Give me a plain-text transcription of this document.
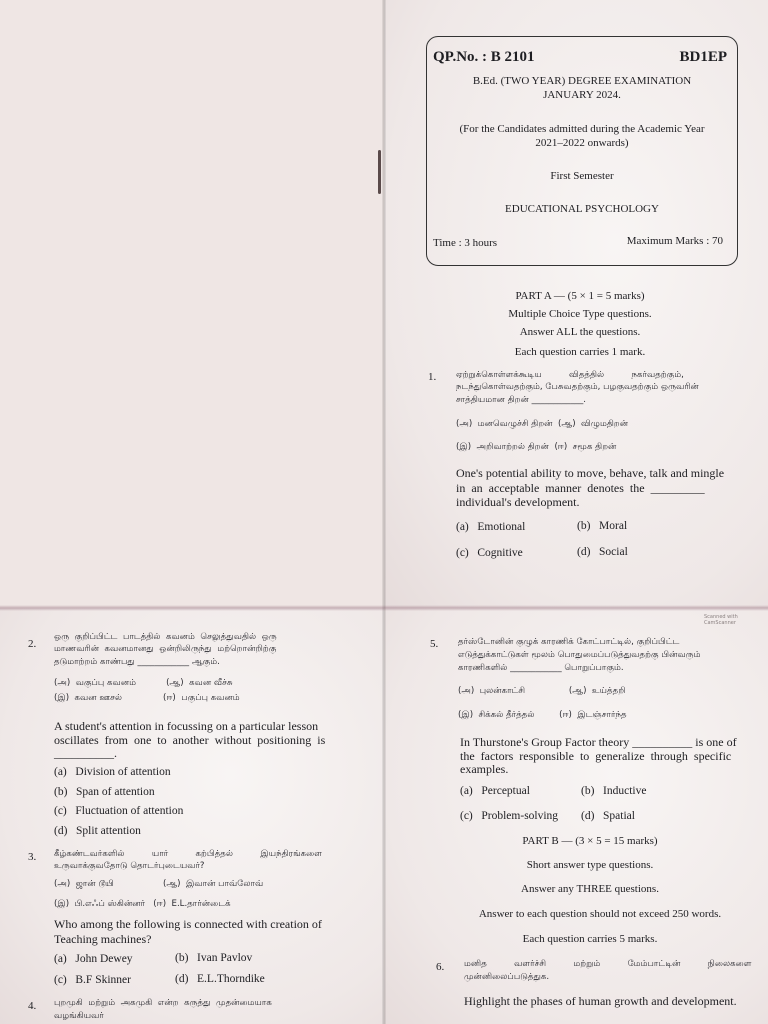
QP.No. : B 2101	BD1EP
B.Ed. (TWO YEAR) DEGREE EXAMINATION
JANUARY 2024.
(For the Candidates admitted during the Academic Year
2021–2022 onwards)
First Semester
EDUCATIONAL PSYCHOLOGY
Time : 3 hours	Maximum Marks : 70
PART A — (5 × 1 = 5 marks)
Multiple Choice Type questions.
Answer ALL the questions.
Each question carries 1 mark.
1. ஏற்றுக்கொள்ளக்கூடிய          விதத்தில்          நகர்வதற்கும்,
நடந்துகொள்வதற்கும், பேசுவதற்கும், பழகுவதற்கும் ஒருவரின்
சாத்தியமான திறன் ____________.
(அ)  மனவெழுச்சி திறன்  (ஆ)  விழுமதிறன்
(இ)  அறிவாற்றல் திறன்  (ஈ)  சமூக திறன்
One's potential ability to move, behave, talk and mingle
in  an  acceptable  manner  denotes  the  _________
individual's development.
(a)   Emotional	(b)   Moral
(c)   Cognitive	(d)   Social
2.
ஒரு  குறிப்பிட்ட  பாடத்தில்  கவனம்  செலுத்துவதில்  ஒரு
மாணவரின்  கவனமானது  ஒன்றிலிருந்து  மற்றொன்றிற்கு
தடுமாற்றம் காண்பது ____________ ஆகும்.
(அ)  வகுப்பு கவனம்           (ஆ)  கவன வீச்சு
(இ)  கவன ஊசல்               (ஈ)  பகுப்பு கவனம்
A student's attention in focussing on a particular lesson
oscillates  from  one  to  another  without  positioning  is
__________.
(a)   Division of attention
(b)   Span of attention
(c)   Fluctuation of attention
(d)   Split attention
3. கீழ்கண்டவர்களில்          யார்          கற்பித்தல்          இயந்திரங்களை
உருவாக்குவதோடு தொடர்புடையவர்?
(அ)  ஜான் டூயி                  (ஆ)  இவான் பாவ்லோவ்
(இ)  பி.எஃப் ஸ்கின்னர்   (ஈ)  E.L.தார்ன்டைக்
Who among the following is connected with creation of
Teaching machines?
(a)   John Dewey	(b)   Ivan Pavlov
(c)   B.F Skinner	(d)   E.L.Thorndike
4. புறமுகி  மற்றும்  அகமுகி  என்ற  கருத்து  முதன்மையாக
வழங்கியவர்
Scanned with CamScanner
5. தர்ஸ்டோனின் குழுக் காரணிக் கோட்பாட்டில், குறிப்பிட்ட
எடுத்துக்காட்டுகள் மூலம் பொதுமைப்படுத்துவதற்கு பின்வரும்
காரணிகளில் ____________ பொறுப்பாகும்.
(அ)  புலன்காட்சி                (ஆ)  உய்த்தறி
(இ)  சிக்கல் தீர்த்தல்         (ஈ)  இடஞ்சார்ந்த
In Thurstone's Group Factor theory __________ is one of
the  factors  responsible  to  generalize  through  specific
examples.
(a)   Perceptual	(b)   Inductive
(c)   Problem-solving (d)   Spatial
PART B — (3 × 5 = 15 marks)
Short answer type questions.
Answer any THREE questions.
Answer to each question should not exceed 250 words.
Each question carries 5 marks.
6. மனித          வளர்ச்சி          மற்றும்          மேம்பாட்டின்          நிலைகளை
முன்னிலைப்படுத்துக.
Highlight the phases of human growth and development.
